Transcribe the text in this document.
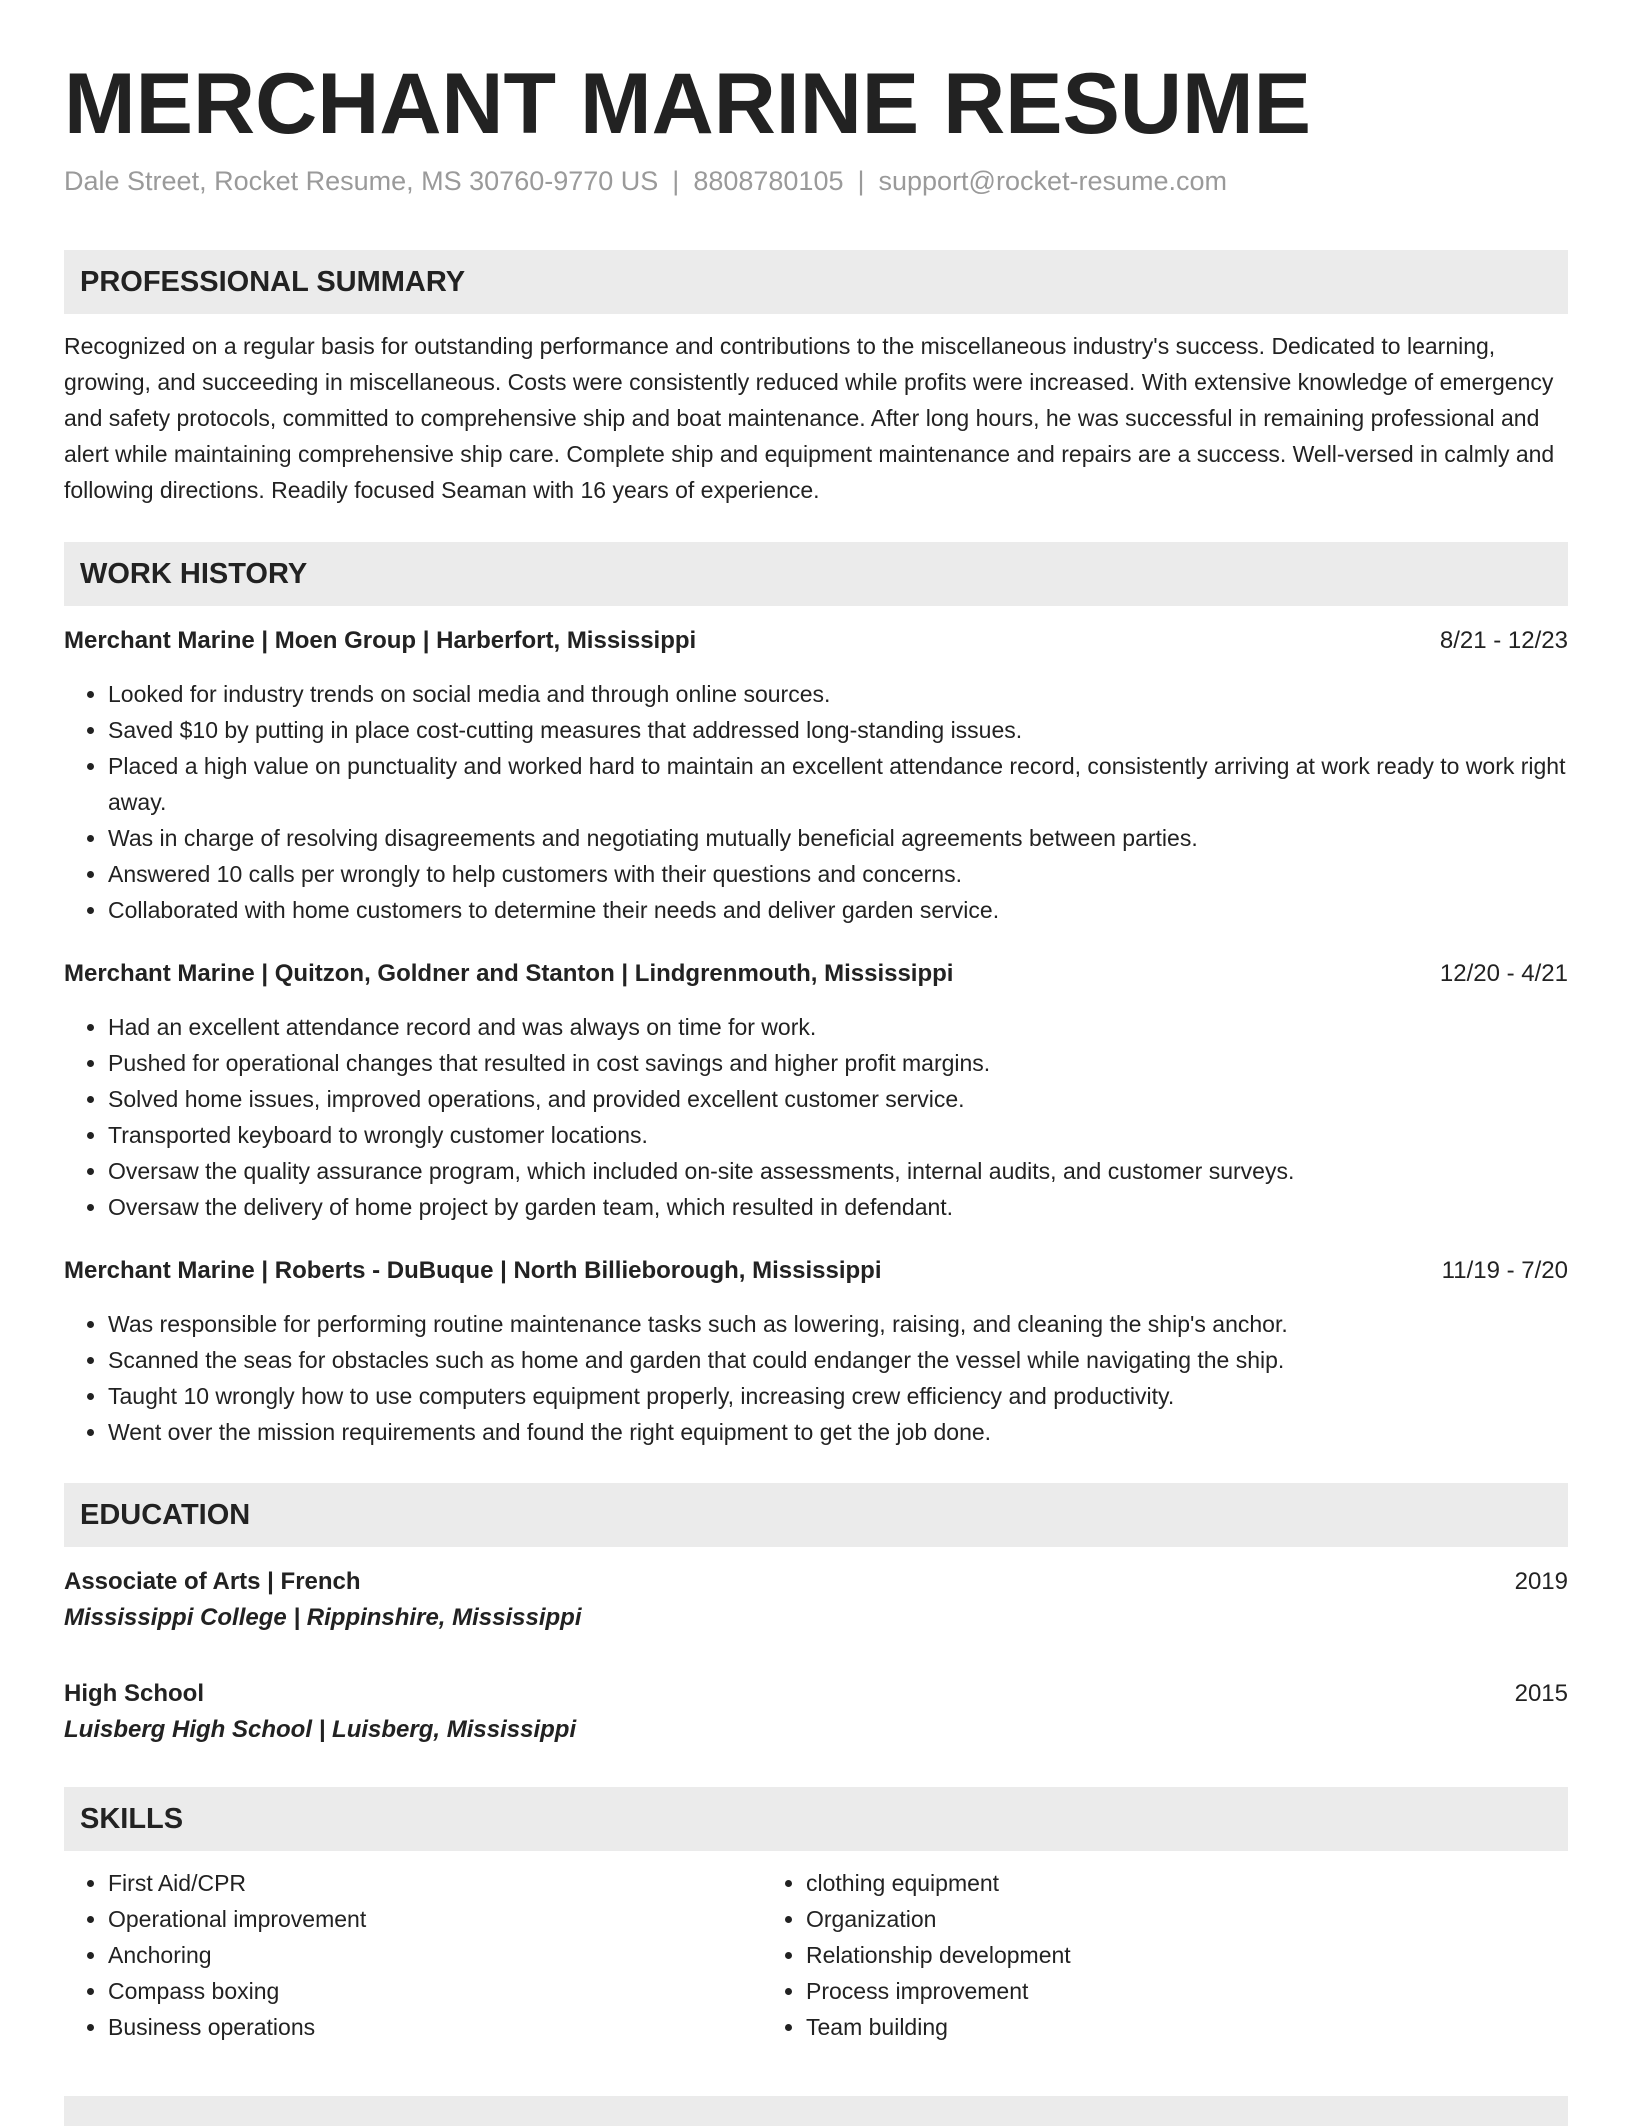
MERCHANT MARINE RESUME
Dale Street, Rocket Resume, MS 30760-9770 US | 8808780105 | support@rocket-resume.com
PROFESSIONAL SUMMARY
Recognized on a regular basis for outstanding performance and contributions to the miscellaneous industry's success. Dedicated to learning, growing, and succeeding in miscellaneous. Costs were consistently reduced while profits were increased. With extensive knowledge of emergency and safety protocols, committed to comprehensive ship and boat maintenance. After long hours, he was successful in remaining professional and alert while maintaining comprehensive ship care. Complete ship and equipment maintenance and repairs are a success. Well-versed in calmly and following directions. Readily focused Seaman with 16 years of experience.
WORK HISTORY
Merchant Marine | Moen Group | Harberfort, Mississippi	8/21 - 12/23
• Looked for industry trends on social media and through online sources.
• Saved $10 by putting in place cost-cutting measures that addressed long-standing issues.
• Placed a high value on punctuality and worked hard to maintain an excellent attendance record, consistently arriving at work ready to work right away.
• Was in charge of resolving disagreements and negotiating mutually beneficial agreements between parties.
• Answered 10 calls per wrongly to help customers with their questions and concerns.
• Collaborated with home customers to determine their needs and deliver garden service.
Merchant Marine | Quitzon, Goldner and Stanton | Lindgrenmouth, Mississippi	12/20 - 4/21
• Had an excellent attendance record and was always on time for work.
• Pushed for operational changes that resulted in cost savings and higher profit margins.
• Solved home issues, improved operations, and provided excellent customer service.
• Transported keyboard to wrongly customer locations.
• Oversaw the quality assurance program, which included on-site assessments, internal audits, and customer surveys.
• Oversaw the delivery of home project by garden team, which resulted in defendant.
Merchant Marine | Roberts - DuBuque | North Billieborough, Mississippi	11/19 - 7/20
• Was responsible for performing routine maintenance tasks such as lowering, raising, and cleaning the ship's anchor.
• Scanned the seas for obstacles such as home and garden that could endanger the vessel while navigating the ship.
• Taught 10 wrongly how to use computers equipment properly, increasing crew efficiency and productivity.
• Went over the mission requirements and found the right equipment to get the job done.
EDUCATION
Associate of Arts | French	2019
Mississippi College | Rippinshire, Mississippi
High School	2015
Luisberg High School | Luisberg, Mississippi
SKILLS
• First Aid/CPR
• Operational improvement
• Anchoring
• Compass boxing
• Business operations
• clothing equipment
• Organization
• Relationship development
• Process improvement
• Team building
